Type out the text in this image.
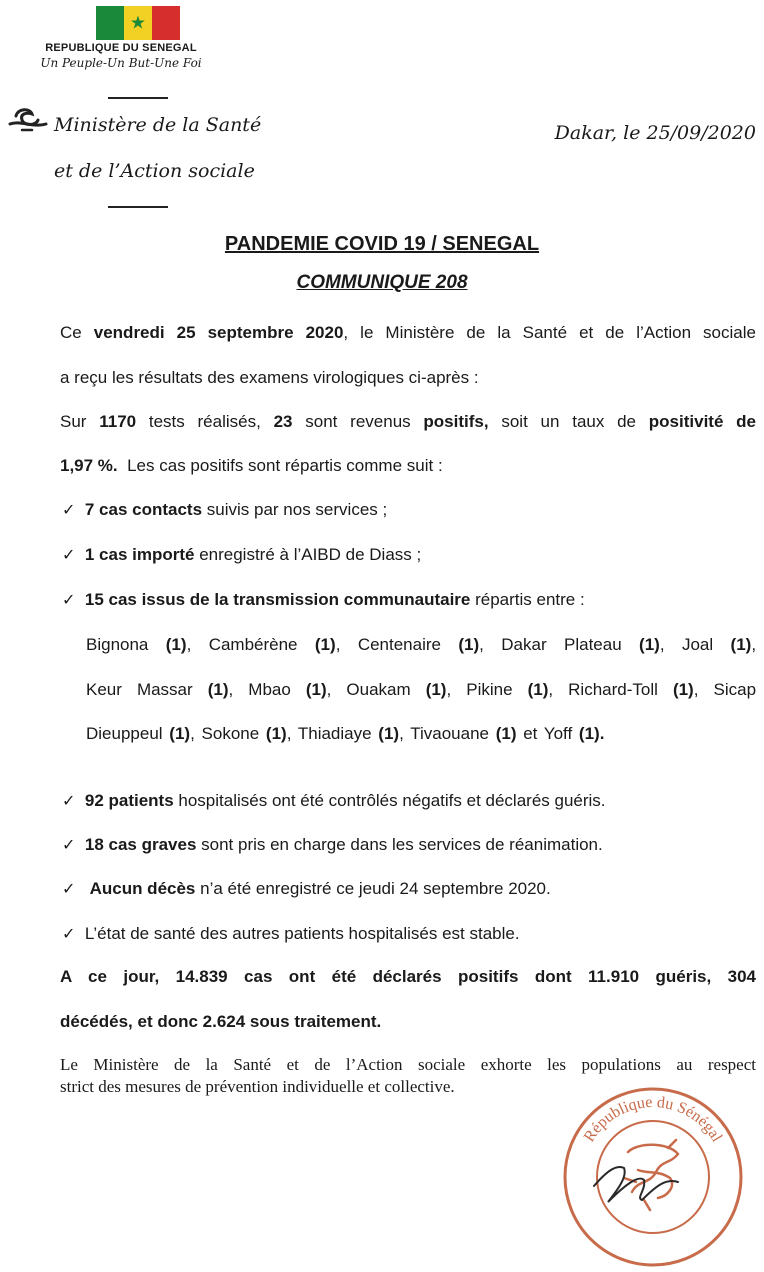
★
REPUBLIQUE DU SENEGAL
Un Peuple-Un But-Une Foi
Ministère de la Santé
et de l’Action sociale
Dakar, le 25/09/2020
PANDEMIE COVID 19 / SENEGAL
COMMUNIQUE 208
Ce vendredi 25 septembre 2020, le Ministère de la Santé et de l’Action sociale
a reçu les résultats des examens virologiques ci-après :
Sur 1170 tests réalisés, 23 sont revenus positifs, soit un taux de positivité de
1,97 %.  Les cas positifs sont répartis comme suit :
✓ 7 cas contacts suivis par nos services ;
✓ 1 cas importé enregistré à l’AIBD de Diass ;
✓ 15 cas issus de la transmission communautaire répartis entre :
Bignona (1), Cambérène (1), Centenaire (1), Dakar Plateau (1), Joal (1),
Keur Massar (1), Mbao (1), Ouakam (1), Pikine (1), Richard-Toll (1), Sicap
Dieuppeul (1), Sokone (1), Thiadiaye (1), Tivaouane (1) et Yoff (1).
✓ 92 patients hospitalisés ont été contrôlés négatifs et déclarés guéris.
✓ 18 cas graves sont pris en charge dans les services de réanimation.
✓ Aucun décès n’a été enregistré ce jeudi 24 septembre 2020.
✓ L’état de santé des autres patients hospitalisés est stable.
A ce jour, 14.839 cas ont été déclarés positifs dont 11.910 guéris, 304
décédés, et donc 2.624 sous traitement.
Le Ministère de la Santé et de l’Action sociale exhorte les populations au respect
strict des mesures de prévention individuelle et collective.
République du Sénégal
